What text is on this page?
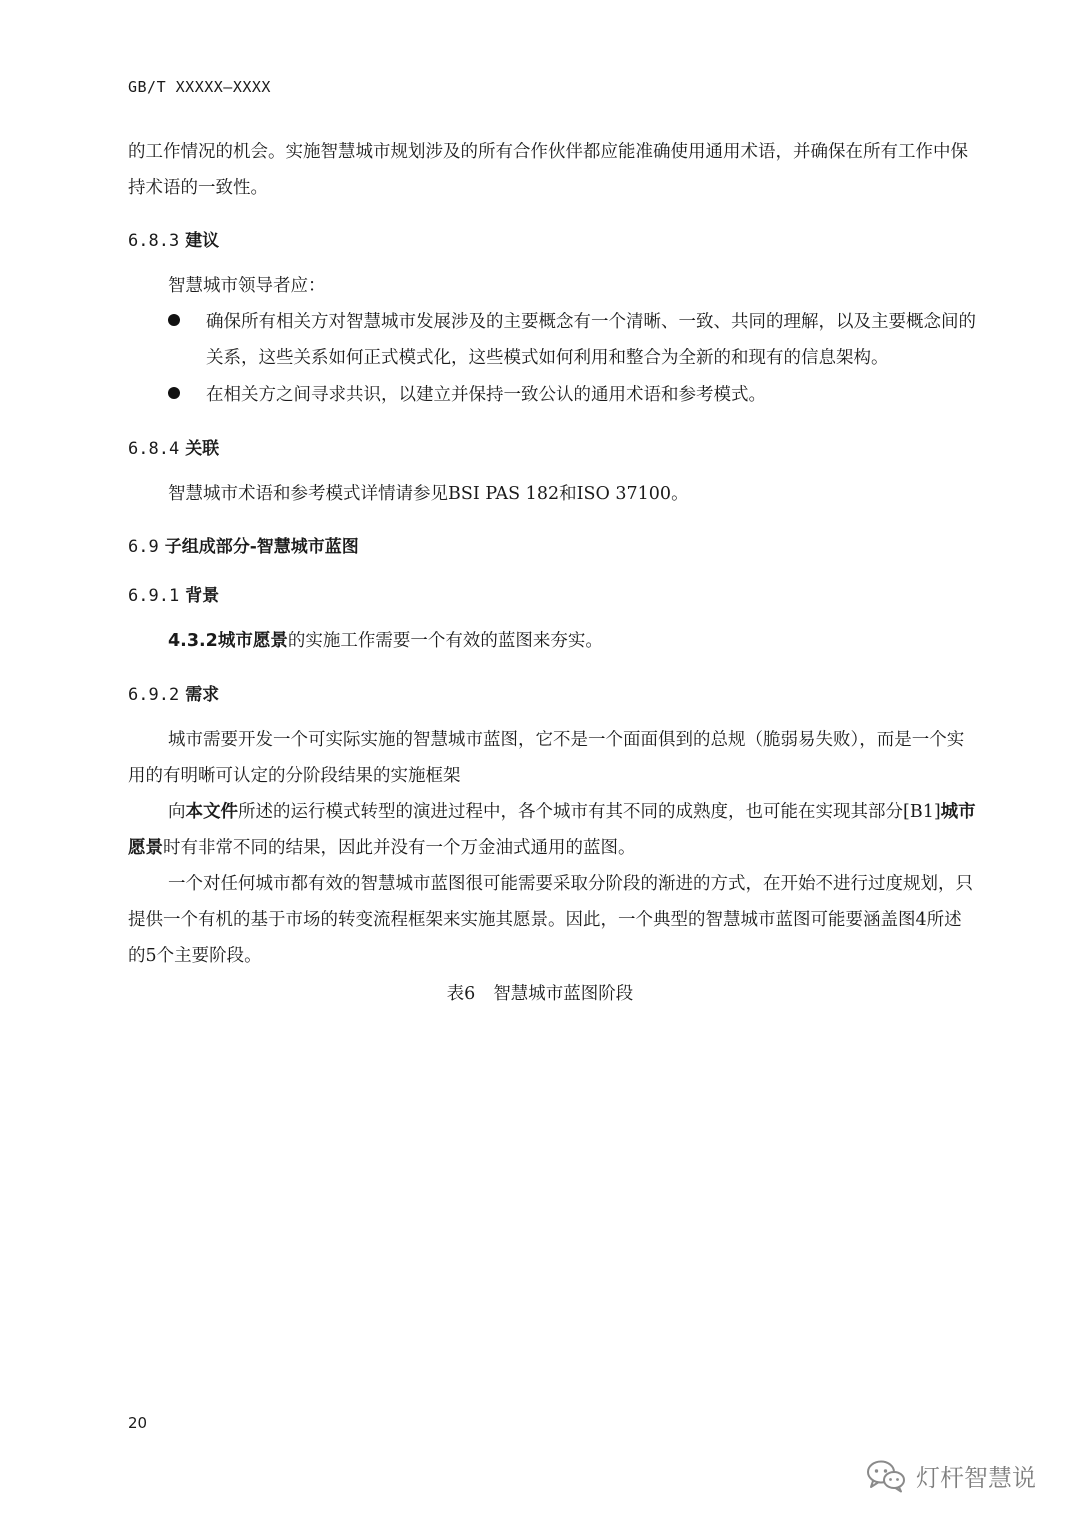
GB/T XXXXX—XXXX

的工作情况的机会。实施智慧城市规划涉及的所有合作伙伴都应能准确使用通用术语，并确保在所有工作中保持术语的一致性。

6.8.3 建议

智慧城市领导者应：

确保所有相关方对智慧城市发展涉及的主要概念有一个清晰、一致、共同的理解，以及主要概念间的关系，这些关系如何正式模式化，这些模式如何利用和整合为全新的和现有的信息架构。
在相关方之间寻求共识，以建立并保持一致公认的通用术语和参考模式。
6.8.4 关联

智慧城市术语和参考模式详情请参见BSI PAS 182和ISO 37100。

6.9 子组成部分-智慧城市蓝图
6.9.1 背景

4.3.2城市愿景的实施工作需要一个有效的蓝图来夯实。

6.9.2 需求

城市需要开发一个可实际实施的智慧城市蓝图，它不是一个面面俱到的总规（脆弱易失败），而是一个实用的有明晰可认定的分阶段结果的实施框架

向本文件所述的运行模式转型的演进过程中，各个城市有其不同的成熟度，也可能在实现其部分[B1]城市愿景时有非常不同的结果，因此并没有一个万金油式通用的蓝图。

一个对任何城市都有效的智慧城市蓝图很可能需要采取分阶段的渐进的方式，在开始不进行过度规划，只提供一个有机的基于市场的转变流程框架来实施其愿景。因此，一个典型的智慧城市蓝图可能要涵盖图4所述的5个主要阶段。

表6 智慧城市蓝图阶段
20
灯杆智慧说
